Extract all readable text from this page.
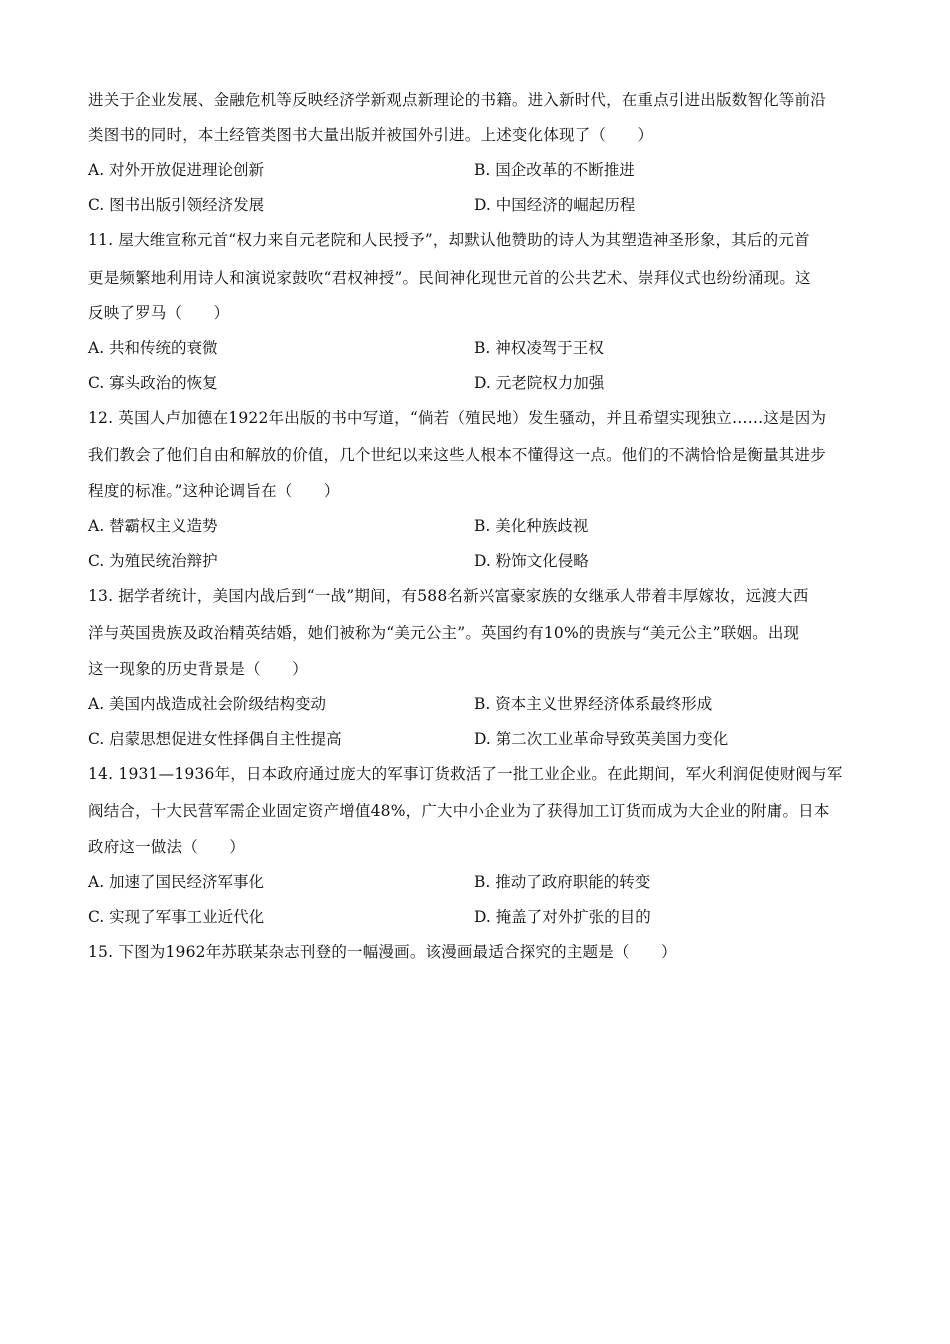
进关于企业发展、金融危机等反映经济学新观点新理论的书籍。进入新时代，在重点引进出版数智化等前沿
类图书的同时，本土经管类图书大量出版并被国外引进。上述变化体现了（　　）
A. 对外开放促进理论创新	B. 国企改革的不断推进
C. 图书出版引领经济发展	D. 中国经济的崛起历程
11. 屋大维宣称元首“权力来自元老院和人民授予”，却默认他赞助的诗人为其塑造神圣形象，其后的元首
更是频繁地利用诗人和演说家鼓吹“君权神授”。民间神化现世元首的公共艺术、崇拜仪式也纷纷涌现。这
反映了罗马（　　）
A. 共和传统的衰微	B. 神权凌驾于王权
C. 寡头政治的恢复	D. 元老院权力加强
12. 英国人卢加德在1922年出版的书中写道，“倘若（殖民地）发生骚动，并且希望实现独立……这是因为
我们教会了他们自由和解放的价值，几个世纪以来这些人根本不懂得这一点。他们的不满恰恰是衡量其进步
程度的标准。”这种论调旨在（　　）
A. 替霸权主义造势	B. 美化种族歧视
C. 为殖民统治辩护	D. 粉饰文化侵略
13. 据学者统计，美国内战后到“一战”期间，有588名新兴富豪家族的女继承人带着丰厚嫁妆，远渡大西
洋与英国贵族及政治精英结婚，她们被称为“美元公主”。英国约有10%的贵族与“美元公主”联姻。出现
这一现象的历史背景是（　　）
A. 美国内战造成社会阶级结构变动	B. 资本主义世界经济体系最终形成
C. 启蒙思想促进女性择偶自主性提高	D. 第二次工业革命导致英美国力变化
14. 1931—1936年，日本政府通过庞大的军事订货救活了一批工业企业。在此期间，军火利润促使财阀与军
阀结合，十大民营军需企业固定资产增值48%，广大中小企业为了获得加工订货而成为大企业的附庸。日本
政府这一做法（　　）
A. 加速了国民经济军事化	B. 推动了政府职能的转变
C. 实现了军事工业近代化	D. 掩盖了对外扩张的目的
15. 下图为1962年苏联某杂志刊登的一幅漫画。该漫画最适合探究的主题是（　　）
